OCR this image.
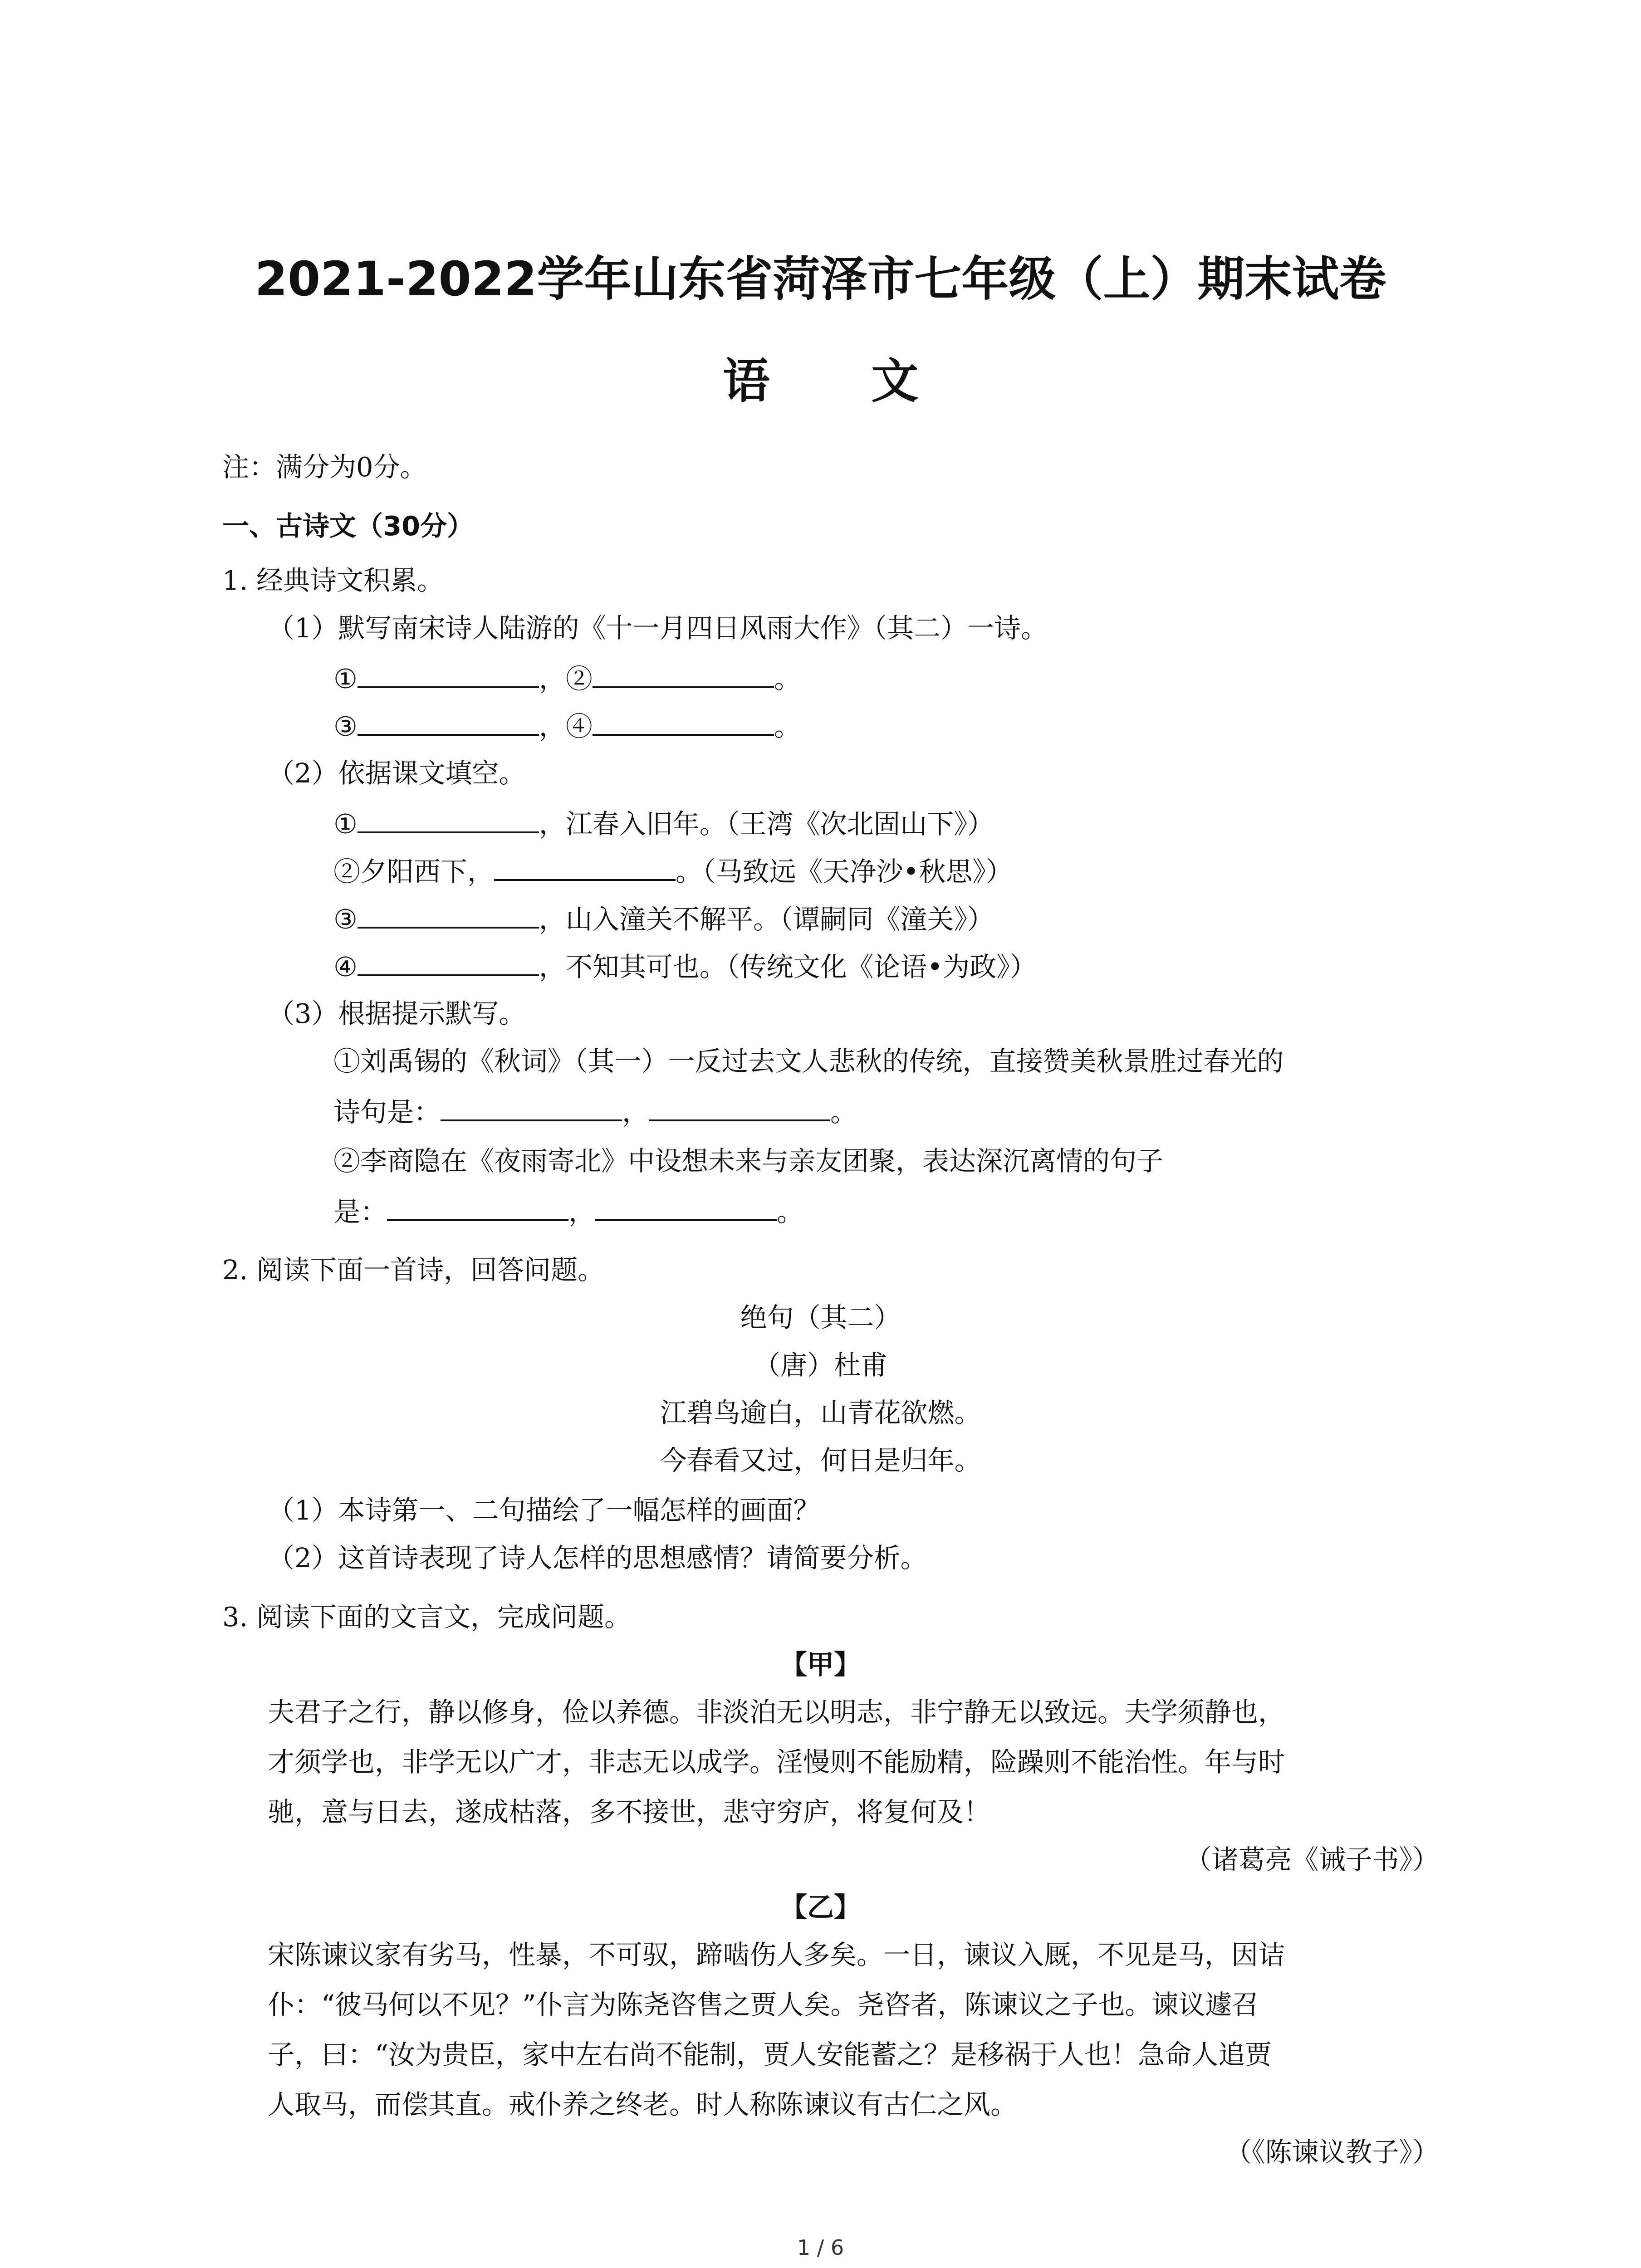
2021-2022学年山东省菏泽市七年级（上）期末试卷
语 文
注：满分为0分。
一、古诗文（30分）
1. 经典诗文积累。
（1）默写南宋诗人陆游的《十一月四日风雨大作》（其二）一诗。
①	，②	。
③	，④	。
（2）依据课文填空。
①	，江春入旧年。（王湾《次北固山下》）
②夕阳西下，	。（马致远《天净沙•秋思》）
③	，山入潼关不解平。（谭嗣同《潼关》）
④	，不知其可也。（传统文化《论语•为政》）
（3）根据提示默写。
①刘禹锡的《秋词》（其一）一反过去文人悲秋的传统，直接赞美秋景胜过春光的
诗句是：	，	。
②李商隐在《夜雨寄北》中设想未来与亲友团聚，表达深沉离情的句子
是：	，	。
2. 阅读下面一首诗，回答问题。
绝句（其二）
（唐）杜甫
江碧鸟逾白，山青花欲燃。
今春看又过，何日是归年。
（1）本诗第一、二句描绘了一幅怎样的画面？
（2）这首诗表现了诗人怎样的思想感情？请简要分析。
3. 阅读下面的文言文，完成问题。
【甲】
夫君子之行，静以修身，俭以养德。非淡泊无以明志，非宁静无以致远。夫学须静也，
才须学也，非学无以广才，非志无以成学。淫慢则不能励精，险躁则不能治性。年与时
驰，意与日去，遂成枯落，多不接世，悲守穷庐，将复何及！
（诸葛亮《诫子书》）
【乙】
宋陈谏议家有劣马，性暴，不可驭，蹄啮伤人多矣。一日，谏议入厩，不见是马，因诘
仆：“彼马何以不见？”仆言为陈尧咨售之贾人矣。尧咨者，陈谏议之子也。谏议遽召
子，曰：“汝为贵臣，家中左右尚不能制，贾人安能蓄之？是移祸于人也！急命人追贾
人取马，而偿其直。戒仆养之终老。时人称陈谏议有古仁之风。
（《陈谏议教子》）
1 / 6
